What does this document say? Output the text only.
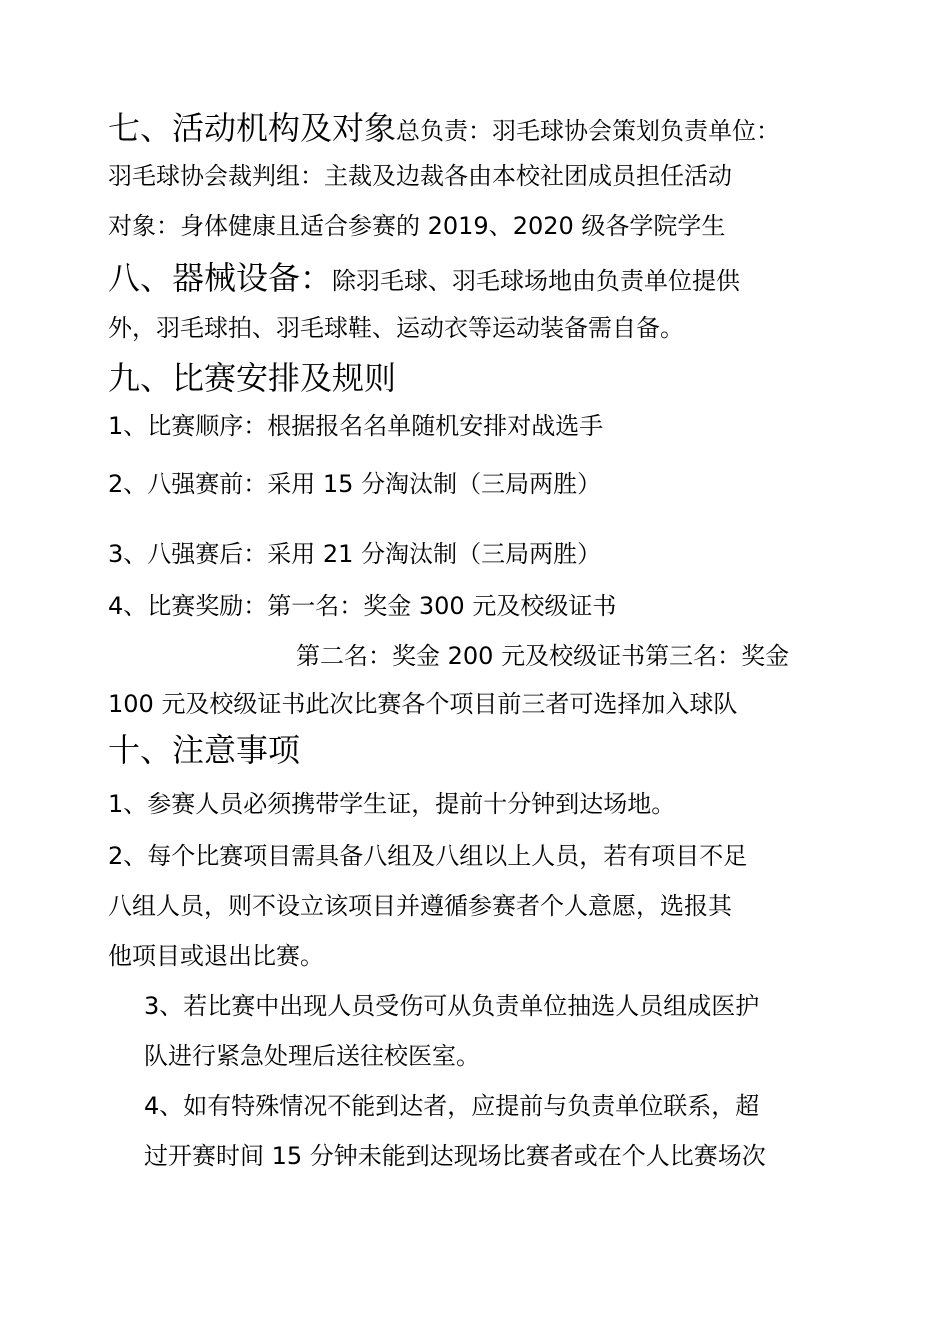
七、活动机构及对象总负责：羽毛球协会策划负责单位：
羽毛球协会裁判组：主裁及边裁各由本校社团成员担任活动
对象：身体健康且适合参赛的 2019、2020 级各学院学生
八、器械设备：除羽毛球、羽毛球场地由负责单位提供
外，羽毛球拍、羽毛球鞋、运动衣等运动装备需自备。
九、比赛安排及规则
1、比赛顺序：根据报名名单随机安排对战选手
2、八强赛前：采用 15 分淘汰制（三局两胜）
3、八强赛后：采用 21 分淘汰制（三局两胜）
4、比赛奖励：第一名：奖金 300 元及校级证书
第二名：奖金 200 元及校级证书第三名：奖金
100 元及校级证书此次比赛各个项目前三者可选择加入球队
十、注意事项
1、参赛人员必须携带学生证，提前十分钟到达场地。
2、每个比赛项目需具备八组及八组以上人员，若有项目不足
八组人员，则不设立该项目并遵循参赛者个人意愿，选报其
他项目或退出比赛。
3、若比赛中出现人员受伤可从负责单位抽选人员组成医护
队进行紧急处理后送往校医室。
4、如有特殊情况不能到达者，应提前与负责单位联系，超
过开赛时间 15 分钟未能到达现场比赛者或在个人比赛场次
